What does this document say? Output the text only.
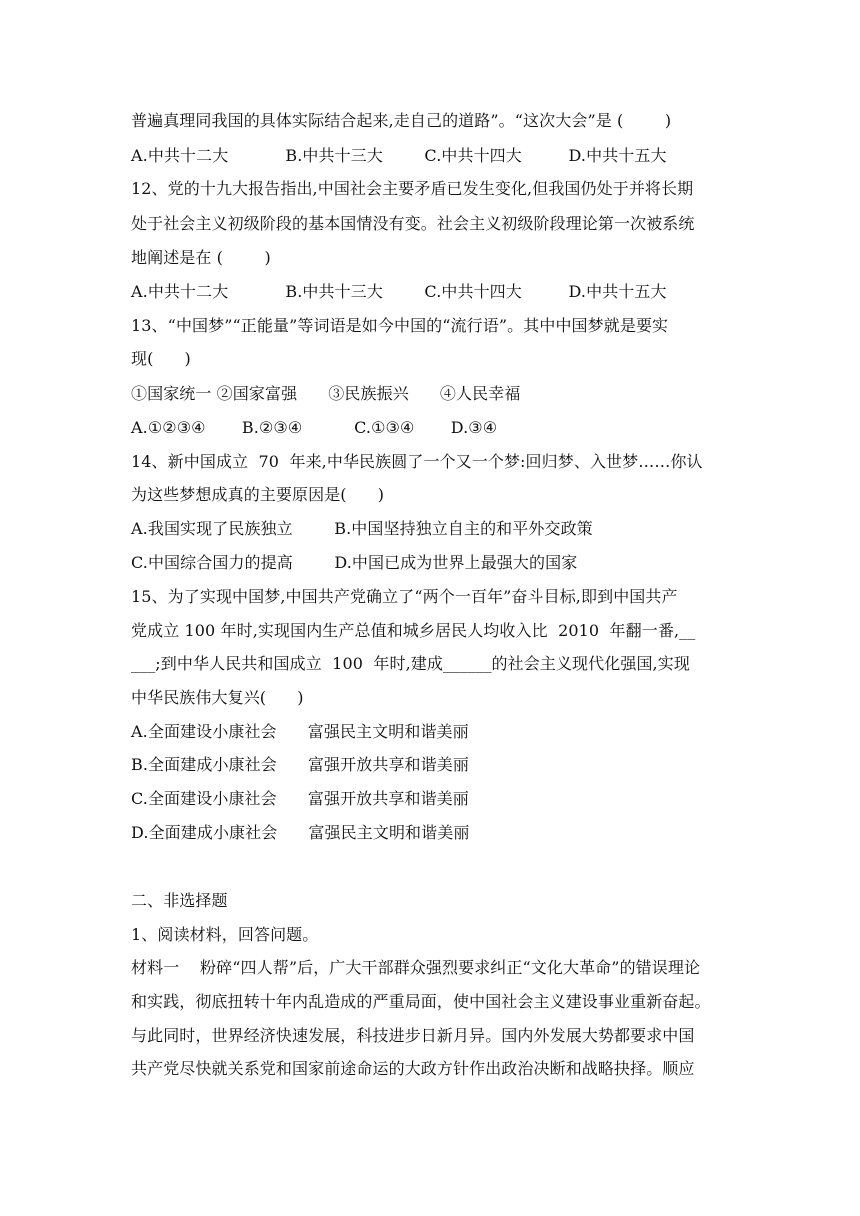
普遍真理同我国的具体实际结合起来,走自己的道路”。“这次大会”是 (        )
A.中共十二大           B.中共十三大        C.中共十四大         D.中共十五大
12、党的十九大报告指出,中国社会主要矛盾已发生变化,但我国仍处于并将长期
处于社会主义初级阶段的基本国情没有变。社会主义初级阶段理论第一次被系统
地阐述是在 (        )
A.中共十二大           B.中共十三大        C.中共十四大         D.中共十五大
13、“中国梦”“正能量”等词语是如今中国的“流行语”。其中中国梦就是要实
现(      )
①国家统一 ②国家富强      ③民族振兴      ④人民幸福
A.①②③④       B.②③④          C.①③④       D.③④
14、新中国成立  70  年来,中华民族圆了一个又一个梦:回归梦、入世梦……你认
为这些梦想成真的主要原因是(      )
A.我国实现了民族独立        B.中国坚持独立自主的和平外交政策
C.中国综合国力的提高        D.中国已成为世界上最强大的国家
15、为了实现中国梦,中国共产党确立了“两个一百年”奋斗目标,即到中国共产
党成立 100 年时,实现国内生产总值和城乡居民人均收入比  2010  年翻一番,__
___;到中华人民共和国成立  100  年时,建成______的社会主义现代化强国,实现
中华民族伟大复兴(      )
A.全面建设小康社会      富强民主文明和谐美丽
B.全面建成小康社会      富强开放共享和谐美丽
C.全面建设小康社会      富强开放共享和谐美丽
D.全面建成小康社会      富强民主文明和谐美丽
二、非选择题
1、阅读材料，回答问题。
材料一    粉碎“四人帮”后，广大干部群众强烈要求纠正“文化大革命”的错误理论
和实践，彻底扭转十年内乱造成的严重局面，使中国社会主义建设事业重新奋起。
与此同时，世界经济快速发展，科技进步日新月异。国内外发展大势都要求中国
共产党尽快就关系党和国家前途命运的大政方针作出政治决断和战略抉择。顺应
